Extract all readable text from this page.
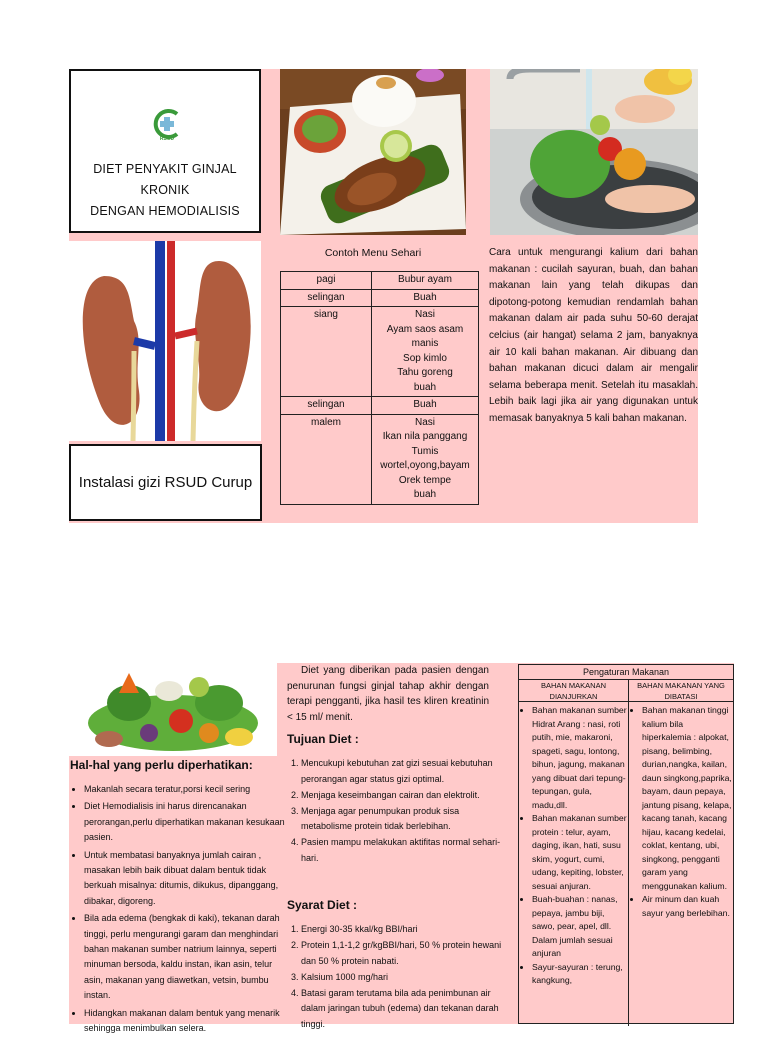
RSUD
DIET PENYAKIT GINJAL KRONIK
DENGAN HEMODIALISIS
Instalasi gizi RSUD Curup
Contoh Menu Sehari
pagi	Bubur ayam

selingan	Buah

siang	Nasi
Ayam saos asam manis
Sop kimlo
Tahu goreng
buah

selingan	Buah

malem	Nasi
Ikan nila panggang
Tumis wortel,oyong,bayam
Orek tempe
buah
Cara untuk mengurangi kalium dari bahan makanan : cucilah sayuran, buah, dan bahan makanan lain yang telah dikupas dan dipotong-potong kemudian rendamlah bahan makanan dalam air pada suhu 50-60 derajat celcius (air hangat) selama 2 jam, banyaknya air 10 kali bahan makanan. Air dibuang dan bahan makanan dicuci dalam air mengalir selama beberapa menit. Setelah itu masaklah. Lebih baik lagi jika air yang digunakan untuk memasak banyaknya 5 kali bahan makanan.
Hal-hal yang perlu diperhatikan:
• Makanlah secara teratur,porsi kecil sering
• Diet Hemodialisis ini harus direncanakan perorangan,perlu diperhatikan makanan kesukaan pasien.
• Untuk membatasi banyaknya jumlah cairan , masakan lebih baik dibuat dalam bentuk tidak berkuah misalnya: ditumis, dikukus, dipanggang, dibakar, digoreng.
• Bila ada edema (bengkak di kaki), tekanan darah tinggi, perlu mengurangi garam dan menghindari bahan makanan sumber natrium lainnya, seperti minuman bersoda, kaldu instan, ikan asin, telur asin, makanan yang diawetkan, vetsin, bumbu instan.
• Hidangkan makanan dalam bentuk yang menarik sehingga menimbulkan selera.
Diet yang diberikan pada pasien dengan penurunan fungsi ginjal tahap akhir dengan terapi pengganti, jika hasil tes kliren kreatinin < 15 ml/ menit.
Tujuan Diet :
1. Mencukupi kebutuhan zat gizi sesuai kebutuhan perorangan agar status gizi optimal.
2. Menjaga keseimbangan cairan dan elektrolit.
3. Menjaga agar penumpukan produk sisa metabolisme protein tidak berlebihan.
4. Pasien mampu melakukan aktifitas normal sehari- hari.
Syarat Diet :
1. Energi 30-35 kkal/kg BBI/hari
2. Protein 1,1-1,2 gr/kgBBI/hari, 50 % protein hewani dan 50 % protein nabati.
3. Kalsium 1000 mg/hari
4. Batasi garam terutama bila ada penimbunan air dalam jaringan tubuh (edema) dan tekanan darah tinggi.
Pengaturan Makanan
BAHAN MAKANAN DIANJURKAN
• Bahan makanan sumber Hidrat Arang : nasi, roti putih, mie, makaroni, spageti, sagu, lontong, bihun, jagung, makanan yang dibuat dari tepung-tepungan, gula, madu,dll.
• Bahan makanan sumber protein : telur, ayam, daging, ikan, hati, susu skim, yogurt, cumi, udang, kepiting, lobster, sesuai anjuran.
• Buah-buahan : nanas, pepaya, jambu biji, sawo, pear, apel, dll. Dalam jumlah sesuai anjuran
• Sayur-sayuran : terung, kangkung,
BAHAN MAKANAN YANG DIBATASI
• Bahan makanan tinggi kalium bila hiperkalemia : alpokat, pisang, belimbing, durian,nangka, kailan, daun singkong,paprika, bayam, daun pepaya, jantung pisang, kelapa, kacang tanah, kacang hijau, kacang kedelai, coklat, kentang, ubi, singkong, pengganti garam yang menggunakan kalium.
• Air minum dan kuah sayur yang berlebihan.
